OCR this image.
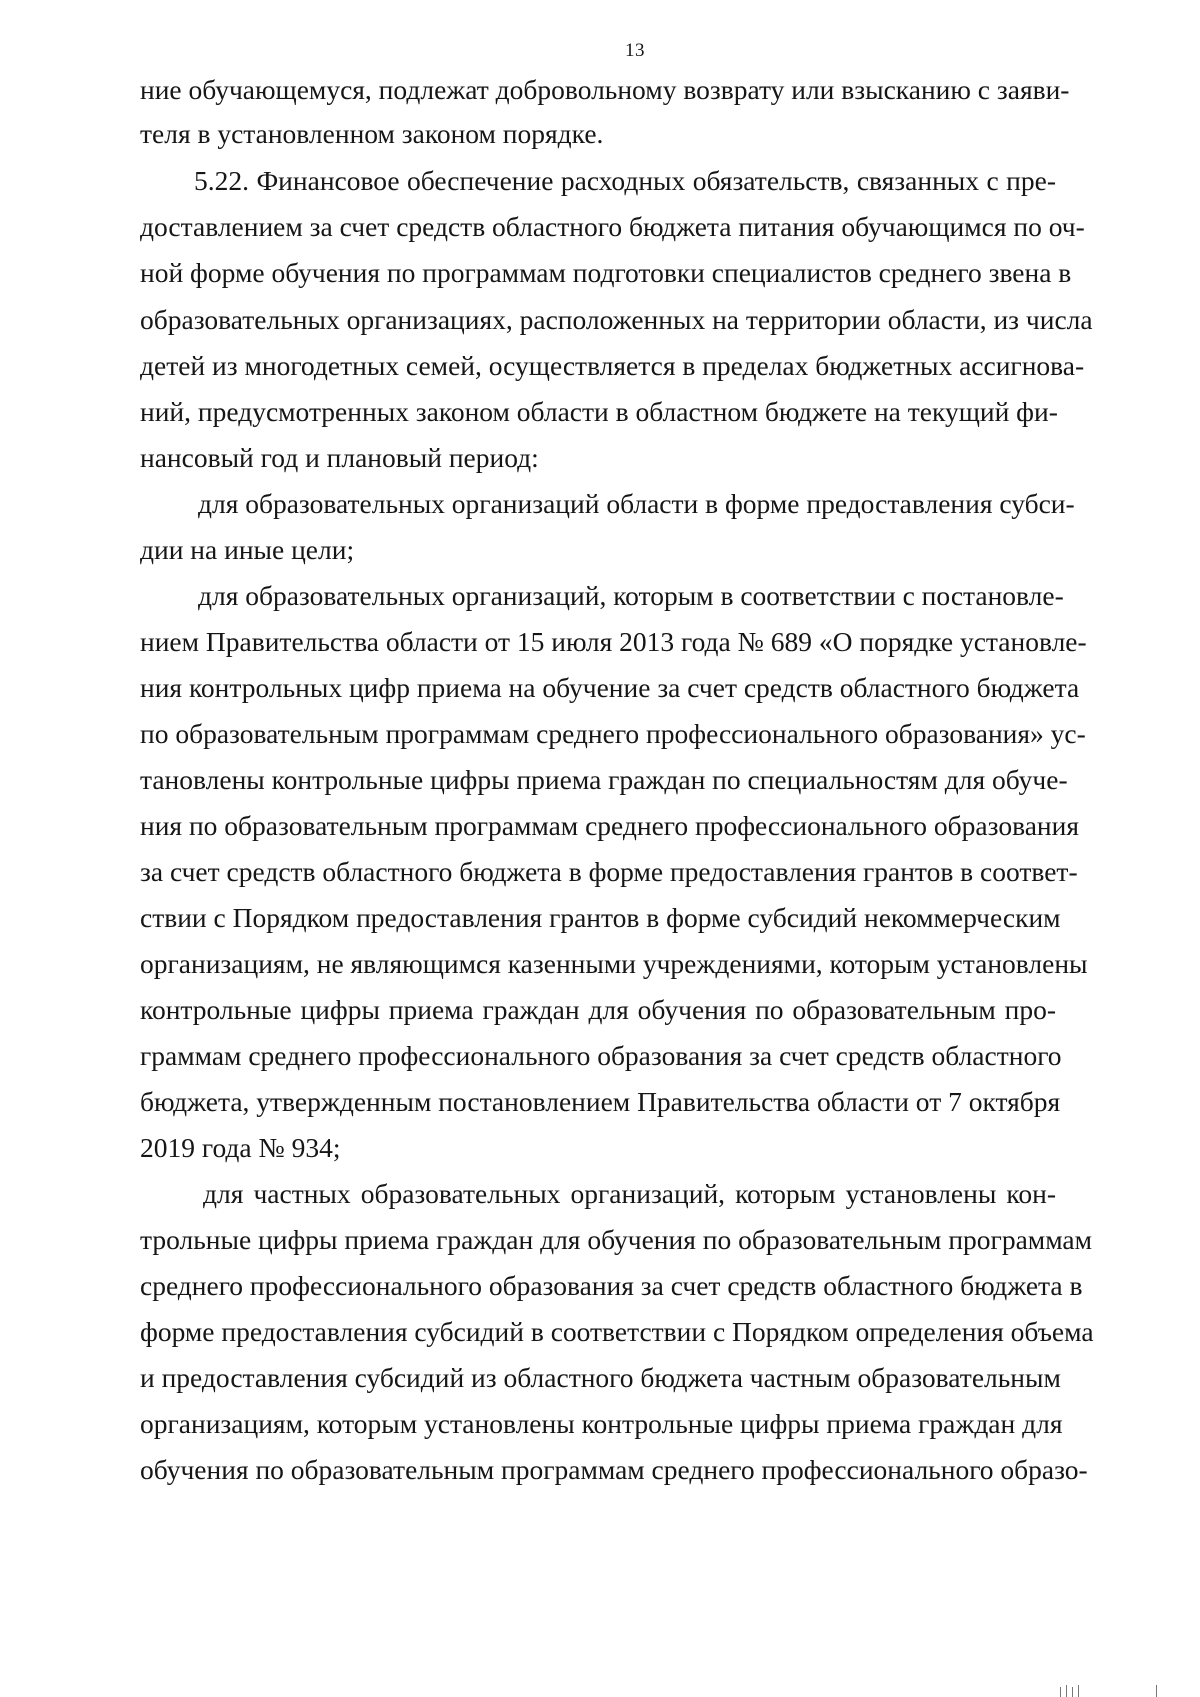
13
ние обучающемуся, подлежат добровольному возврату или взысканию с заяви-
теля в установленном законом порядке.
5.22. Финансовое обеспечение расходных обязательств, связанных с пре-
доставлением за счет средств областного бюджета питания обучающимся по оч-
ной форме обучения по программам подготовки специалистов среднего звена в
образовательных организациях, расположенных на территории области, из числа
детей из многодетных семей, осуществляется в пределах бюджетных ассигнова-
ний, предусмотренных законом области в областном бюджете на текущий фи-
нансовый год и плановый период:
для образовательных организаций области в форме предоставления субси-
дии на иные цели;
для образовательных организаций, которым в соответствии с постановле-
нием Правительства области от 15 июля 2013 года № 689 «О порядке установле-
ния контрольных цифр приема на обучение за счет средств областного бюджета
по образовательным программам среднего профессионального образования» ус-
тановлены контрольные цифры приема граждан по специальностям для обуче-
ния по образовательным программам среднего профессионального образования
за счет средств областного бюджета в форме предоставления грантов в соответ-
ствии с Порядком предоставления грантов в форме субсидий некоммерческим
организациям, не являющимся казенными учреждениями, которым установлены
контрольные цифры приема граждан для обучения по образовательным про-
граммам среднего профессионального образования за счет средств областного
бюджета, утвержденным постановлением Правительства области от 7 октября
2019 года № 934;
для частных образовательных организаций, которым установлены кон-
трольные цифры приема граждан для обучения по образовательным программам
среднего профессионального образования за счет средств областного бюджета в
форме предоставления субсидий в соответствии с Порядком определения объема
и предоставления субсидий из областного бюджета частным образовательным
организациям, которым установлены контрольные цифры приема граждан для
обучения по образовательным программам среднего профессионального образо-
